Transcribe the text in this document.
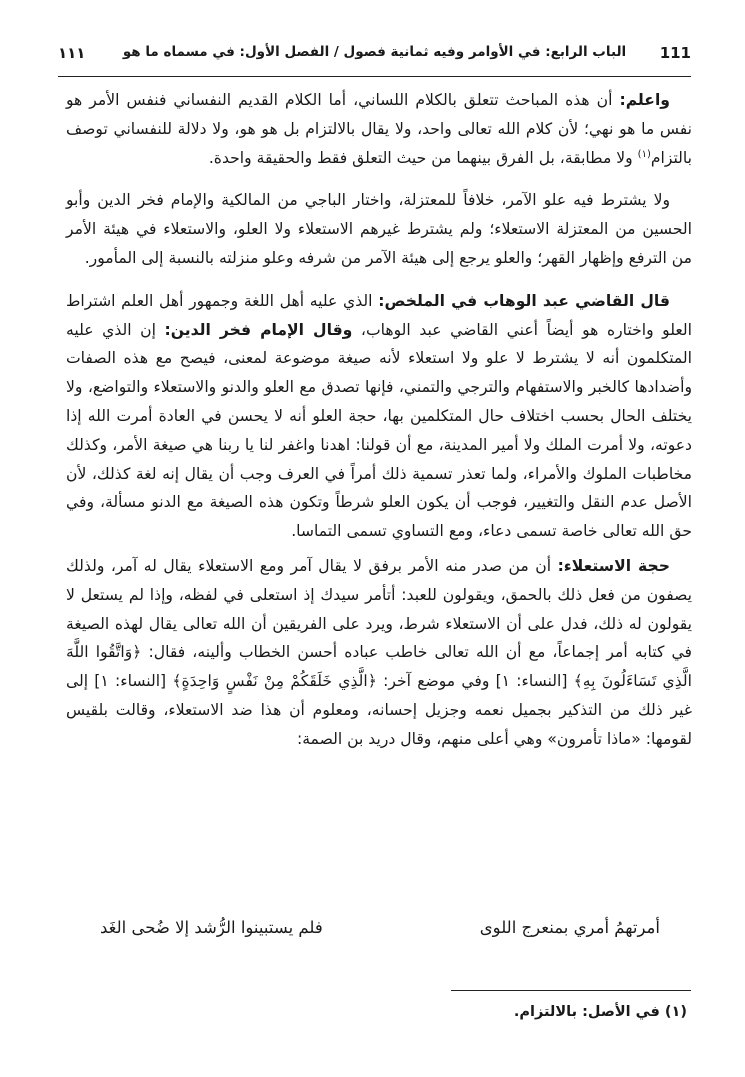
111
الباب الرابع: في الأوامر وفيه ثمانية فصول / الفصل الأول: في مسماه ما هو
١١١

واعلم: أن هذه المباحث تتعلق بالكلام اللساني، أما الكلام القديم النفساني فنفس الأمر هو نفس ما هو نهي؛ لأن كلام الله تعالى واحد، ولا يقال بالالتزام بل هو هو، ولا دلالة للنفساني توصف بالتزام$^{(١)}$ ولا مطابقة، بل الفرق بينهما من حيث التعلق فقط والحقيقة واحدة.

ولا يشترط فيه علو الآمر، خلافاً للمعتزلة، واختار الباجي من المالكية والإمام فخر الدين وأبو الحسين من المعتزلة الاستعلاء؛ ولم يشترط غيرهم الاستعلاء ولا العلو، والاستعلاء في هيئة الأمر من الترفع وإظهار القهر؛ والعلو يرجع إلى هيئة الآمر من شرفه وعلو منزلته بالنسبة إلى المأمور.

قال القاضي عبد الوهاب في الملخص: الذي عليه أهل اللغة وجمهور أهل العلم اشتراط العلو واختاره هو أيضاً أعني القاضي عبد الوهاب، وقال الإمام فخر الدين: إن الذي عليه المتكلمون أنه لا يشترط لا علو ولا استعلاء لأنه صيغة موضوعة لمعنى، فيصح مع هذه الصفات وأضدادها كالخبر والاستفهام والترجي والتمني، فإنها تصدق مع العلو والدنو والاستعلاء والتواضع، ولا يختلف الحال بحسب اختلاف حال المتكلمين بها، حجة العلو أنه لا يحسن في العادة أمرت الله إذا دعوته، ولا أمرت الملك ولا أمير المدينة، مع أن قولنا: اهدنا واغفر لنا يا ربنا هي صيغة الأمر، وكذلك مخاطبات الملوك والأمراء، ولما تعذر تسمية ذلك أمراً في العرف وجب أن يقال إنه لغة كذلك، لأن الأصل عدم النقل والتغيير، فوجب أن يكون العلو شرطاً وتكون هذه الصيغة مع الدنو مسألة، وفي حق الله تعالى خاصة تسمى دعاء، ومع التساوي تسمى التماسا.

حجة الاستعلاء: أن من صدر منه الأمر برفق لا يقال آمر ومع الاستعلاء يقال له آمر، ولذلك يصفون من فعل ذلك بالحمق، ويقولون للعبد: أتأمر سيدك إذ استعلى في لفظه، وإذا لم يستعل لا يقولون له ذلك، فدل على أن الاستعلاء شرط، ويرد على الفريقين أن الله تعالى يقال لهذه الصيغة في كتابه أمر إجماعاً، مع أن الله تعالى خاطب عباده أحسن الخطاب وألينه، فقال: ﴿وَاتَّقُوا اللَّهَ الَّذِي تَسَاءَلُونَ بِهِ﴾ [النساء: ١] وفي موضع آخر: ﴿الَّذِي خَلَقَكُمْ مِنْ نَفْسٍ وَاحِدَةٍ﴾ [النساء: ١] إلى غير ذلك من التذكير بجميل نعمه وجزيل إحسانه، ومعلوم أن هذا ضد الاستعلاء، وقالت بلقيس لقومها: «ماذا تأمرون» وهي أعلى منهم، وقال دريد بن الصمة:

أمرتهمُ أمري بمنعرج اللوى
فلم يستبينوا الرُّشد إلا ضُحى الغَد
(١) في الأصل: بالالتزام.
